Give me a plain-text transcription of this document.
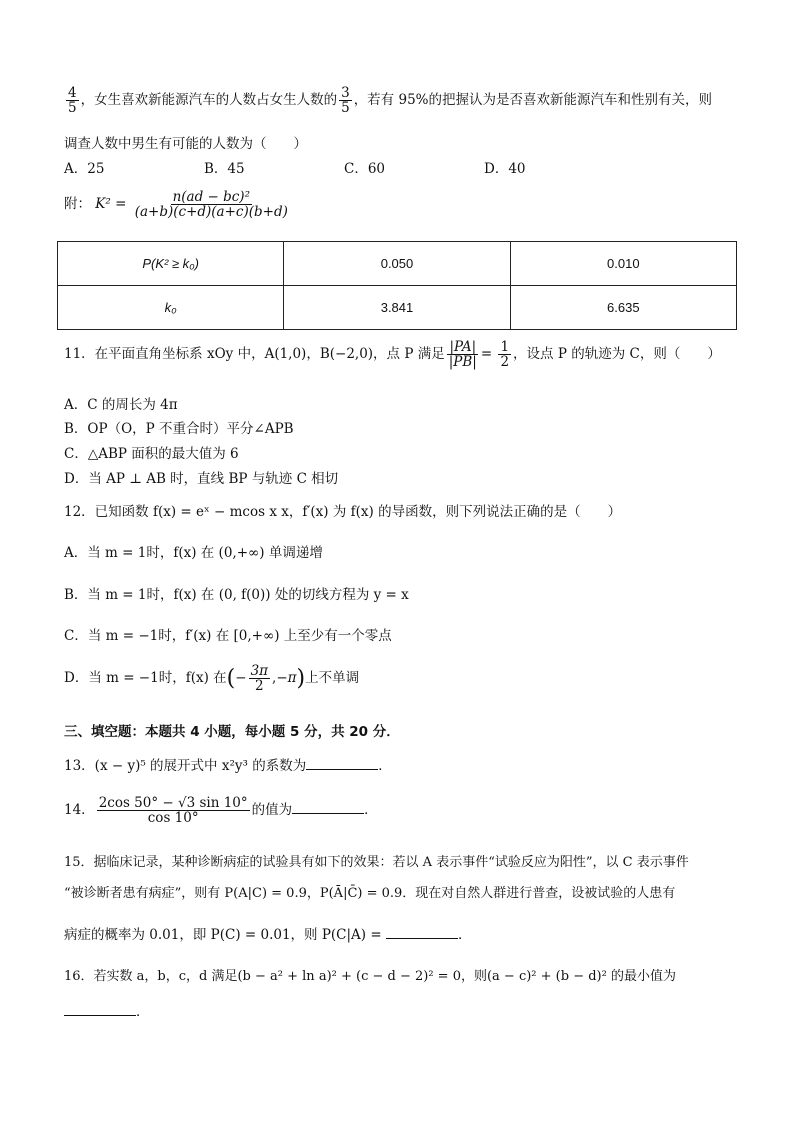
$\frac{4}{5}$ ，女生喜欢新能源汽车的人数占女生人数的 $\frac{3}{5}$ ，若有 95%的把握认为是否喜欢新能源汽车和性别有关，则
调查人数中男生有可能的人数为（　　）
A．25	B．45	C．60	D．40
附： $K^2 = \frac{\text{n(ad − bc)²}}{(a+b)(c+d)(a+c)(b+d)}$
P(K² ≥ k₀)	0.050	0.010
k₀	3.841	6.635
11．在平面直角坐标系 xOy 中，A(1,0)，B(−2,0)，点 P 满足 $\frac{|PA|}{|PB|} = \frac{1}{2}$ ，设点 P 的轨迹为 C，则（　　）
A．C 的周长为 4π
B．OP（O，P 不重合时）平分∠APB
C．△ABP 面积的最大值为 6
D．当 AP ⊥ AB 时，直线 BP 与轨迹 C 相切
12．已知函数 f(x) = eˣ − mcos x x，f′(x) 为 f(x) 的导函数，则下列说法正确的是（　　）
A．当 m = 1时，f(x) 在 (0,+∞) 单调递增
B．当 m = 1时，f(x) 在 (0, f(0)) 处的切线方程为 y = x
C．当 m = −1时，f′(x) 在 [0,+∞) 上至少有一个零点
D．当 m = −1时，f(x) 在(− $\frac{3\pi}{2} ,-\pi$)上不单调
三、填空题：本题共 4 小题，每小题 5 分，共 20 分．
13．(x − y)⁵ 的展开式中 x²y³ 的系数为	．
14． $\frac{2\cos 50^\circ - √3 \sin 10^\circ}{\cos 10^\circ}$ 的值为	．
15．据临床记录，某种诊断病症的试验具有如下的效果：若以 A 表示事件“试验反应为阳性”，以 C 表示事件
“被诊断者患有病症”，则有 P(A|C) = 0.9，P(Ā|C̄) = 0.9．现在对自然人群进行普查，设被试验的人患有
病症的概率为 0.01，即 P(C) = 0.01，则 P(C|A) =	．
16．若实数 a，b，c，d 满足(b − a² + ln a)² + (c − d − 2)² = 0，则(a − c)² + (b − d)² 的最小值为
．
